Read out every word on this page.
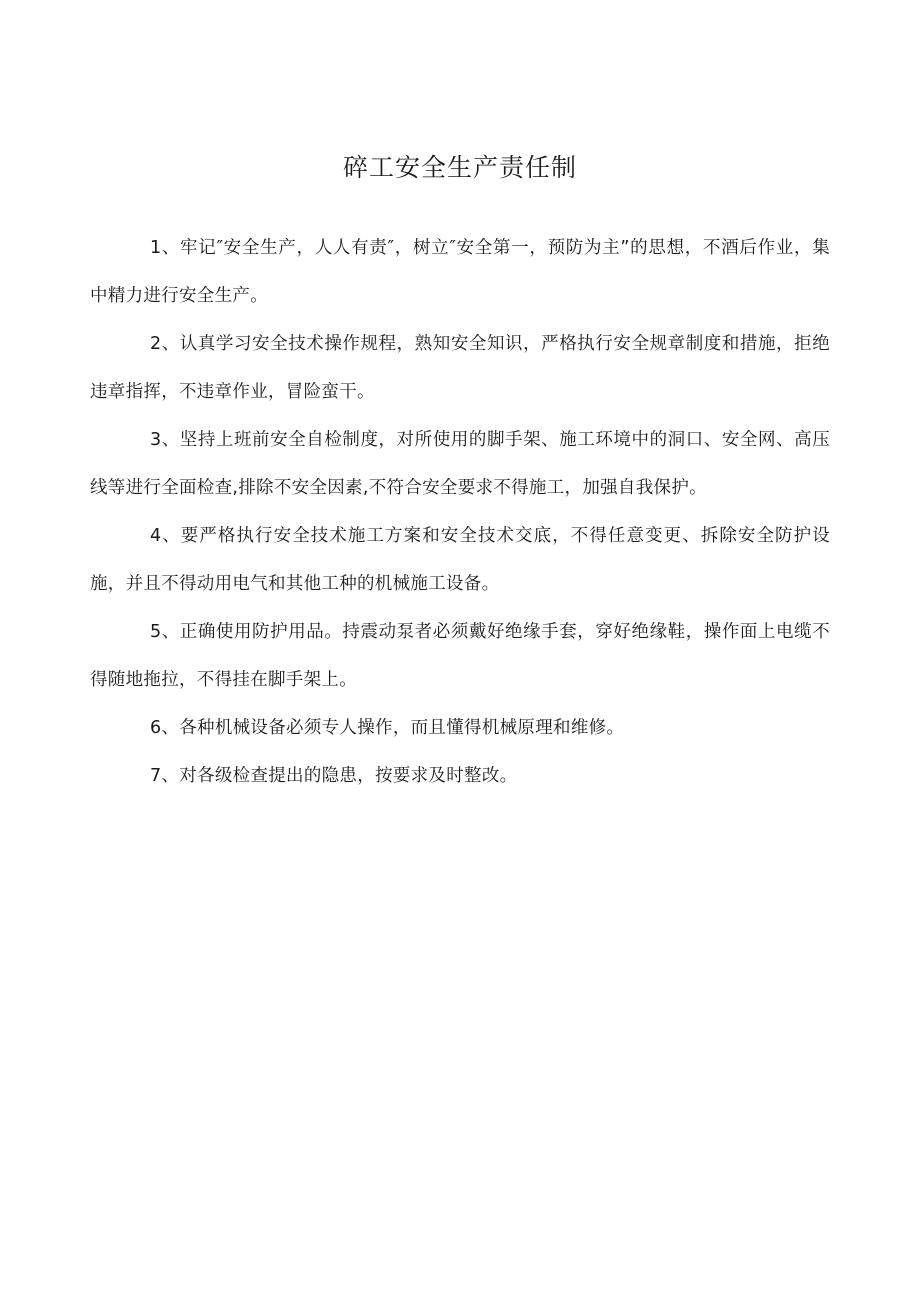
碎工安全生产责任制

1、牢记″安全生产，人人有责″，树立″安全第一，预防为主”的思想，不酒后作业，集中精力进行安全生产。

2、认真学习安全技术操作规程，熟知安全知识，严格执行安全规章制度和措施，拒绝违章指挥，不违章作业，冒险蛮干。

3、坚持上班前安全自检制度，对所使用的脚手架、施工环境中的洞口、安全网、高压线等进行全面检查,排除不安全因素,不符合安全要求不得施工，加强自我保护。

4、要严格执行安全技术施工方案和安全技术交底，不得任意变更、拆除安全防护设施，并且不得动用电气和其他工种的机械施工设备。

5、正确使用防护用品。持震动泵者必须戴好绝缘手套，穿好绝缘鞋，操作面上电缆不得随地拖拉，不得挂在脚手架上。

6、各种机械设备必须专人操作，而且懂得机械原理和维修。

7、对各级检查提出的隐患，按要求及时整改。
